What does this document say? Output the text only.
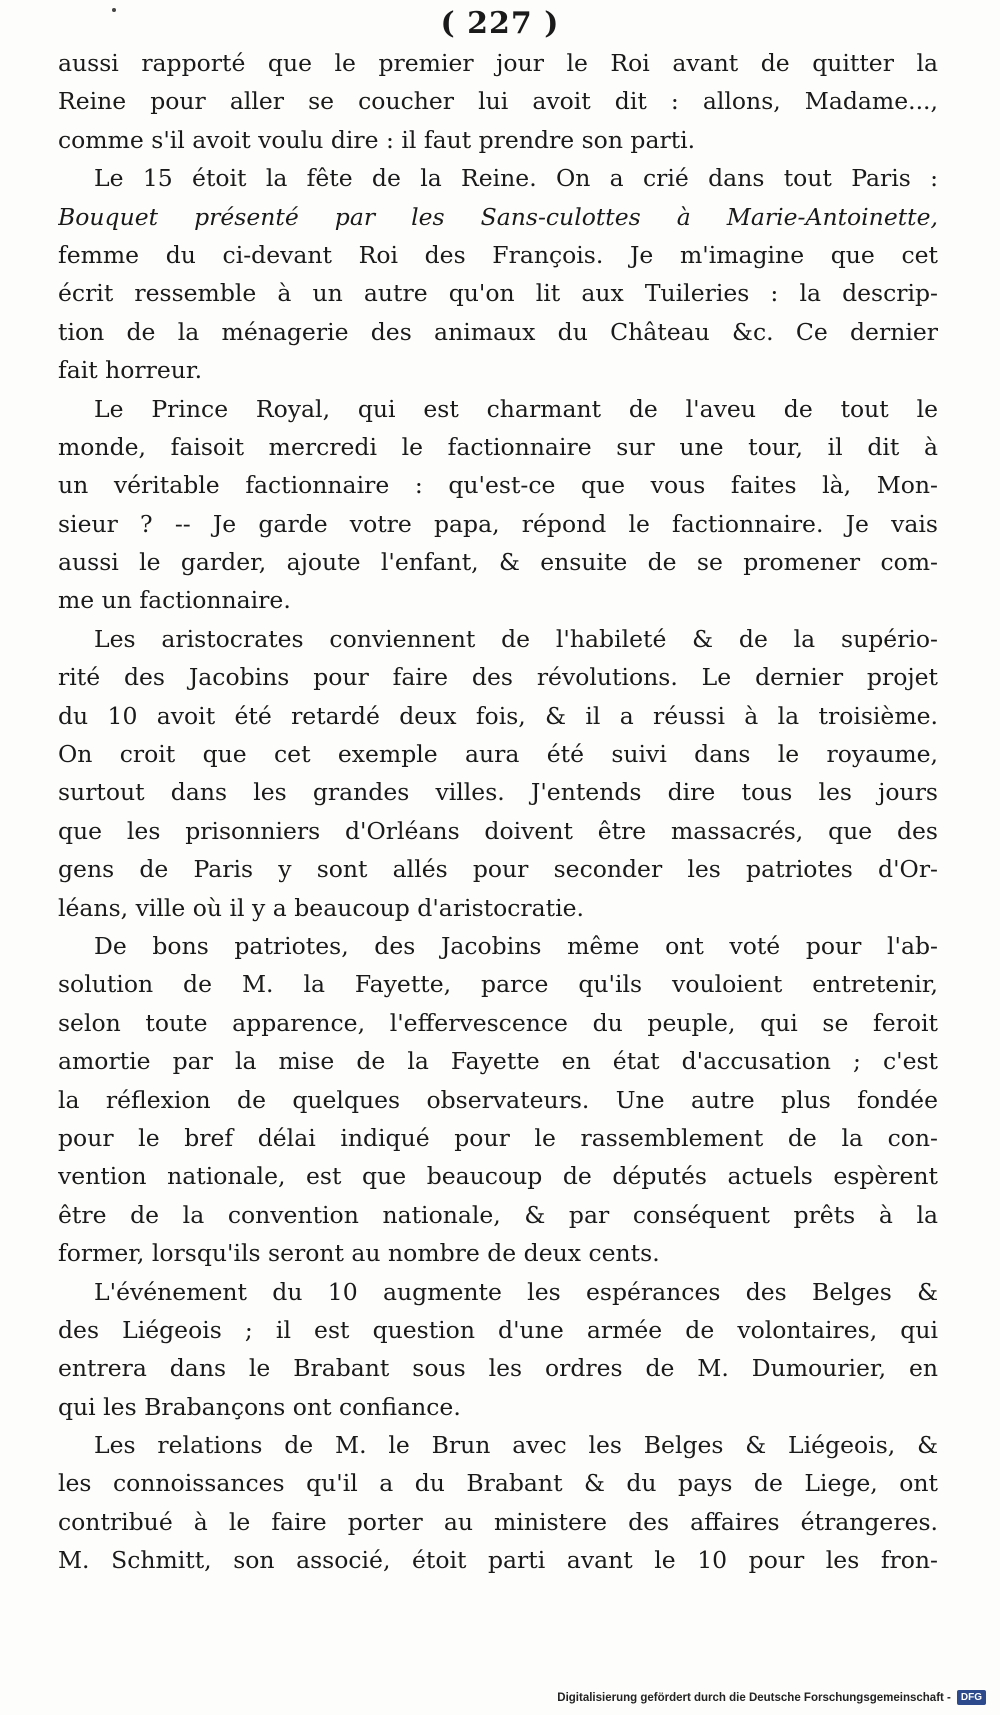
( 227 )
aussi rapporté que le premier jour le Roi avant de quitter la
Reine pour aller se coucher lui avoit dit : allons, Madame...,
comme s'il avoit voulu dire : il faut prendre son parti.
Le 15 étoit la fête de la Reine. On a crié dans tout Paris :
Bouquet présenté par les Sans-culottes à Marie-Antoinette,
femme du ci-devant Roi des François. Je m'imagine que cet
écrit ressemble à un autre qu'on lit aux Tuileries : la descrip-
tion de la ménagerie des animaux du Château &c. Ce dernier
fait horreur.
Le Prince Royal, qui est charmant de l'aveu de tout le
monde, faisoit mercredi le factionnaire sur une tour, il dit à
un véritable factionnaire : qu'est-ce que vous faites là, Mon-
sieur ? -- Je garde votre papa, répond le factionnaire. Je vais
aussi le garder, ajoute l'enfant, & ensuite de se promener com-
me un factionnaire.
Les aristocrates conviennent de l'habileté & de la supério-
rité des Jacobins pour faire des révolutions. Le dernier projet
du 10 avoit été retardé deux fois, & il a réussi à la troisième.
On croit que cet exemple aura été suivi dans le royaume,
surtout dans les grandes villes. J'entends dire tous les jours
que les prisonniers d'Orléans doivent être massacrés, que des
gens de Paris y sont allés pour seconder les patriotes d'Or-
léans, ville où il y a beaucoup d'aristocratie.
De bons patriotes, des Jacobins même ont voté pour l'ab-
solution de M. la Fayette, parce qu'ils vouloient entretenir,
selon toute apparence, l'effervescence du peuple, qui se feroit
amortie par la mise de la Fayette en état d'accusation ; c'est
la réflexion de quelques observateurs. Une autre plus fondée
pour le bref délai indiqué pour le rassemblement de la con-
vention nationale, est que beaucoup de députés actuels espèrent
être de la convention nationale, & par conséquent prêts à la
former, lorsqu'ils seront au nombre de deux cents.
L'événement du 10 augmente les espérances des Belges &
des Liégeois ; il est question d'une armée de volontaires, qui
entrera dans le Brabant sous les ordres de M. Dumourier, en
qui les Brabançons ont confiance.
Les relations de M. le Brun avec les Belges & Liégeois, &
les connoissances qu'il a du Brabant & du pays de Liege, ont
contribué à le faire porter au ministere des affaires étrangeres.
M. Schmitt, son associé, étoit parti avant le 10 pour les fron-
Digitalisierung gefördert durch die Deutsche Forschungsgemeinschaft -	DFG
